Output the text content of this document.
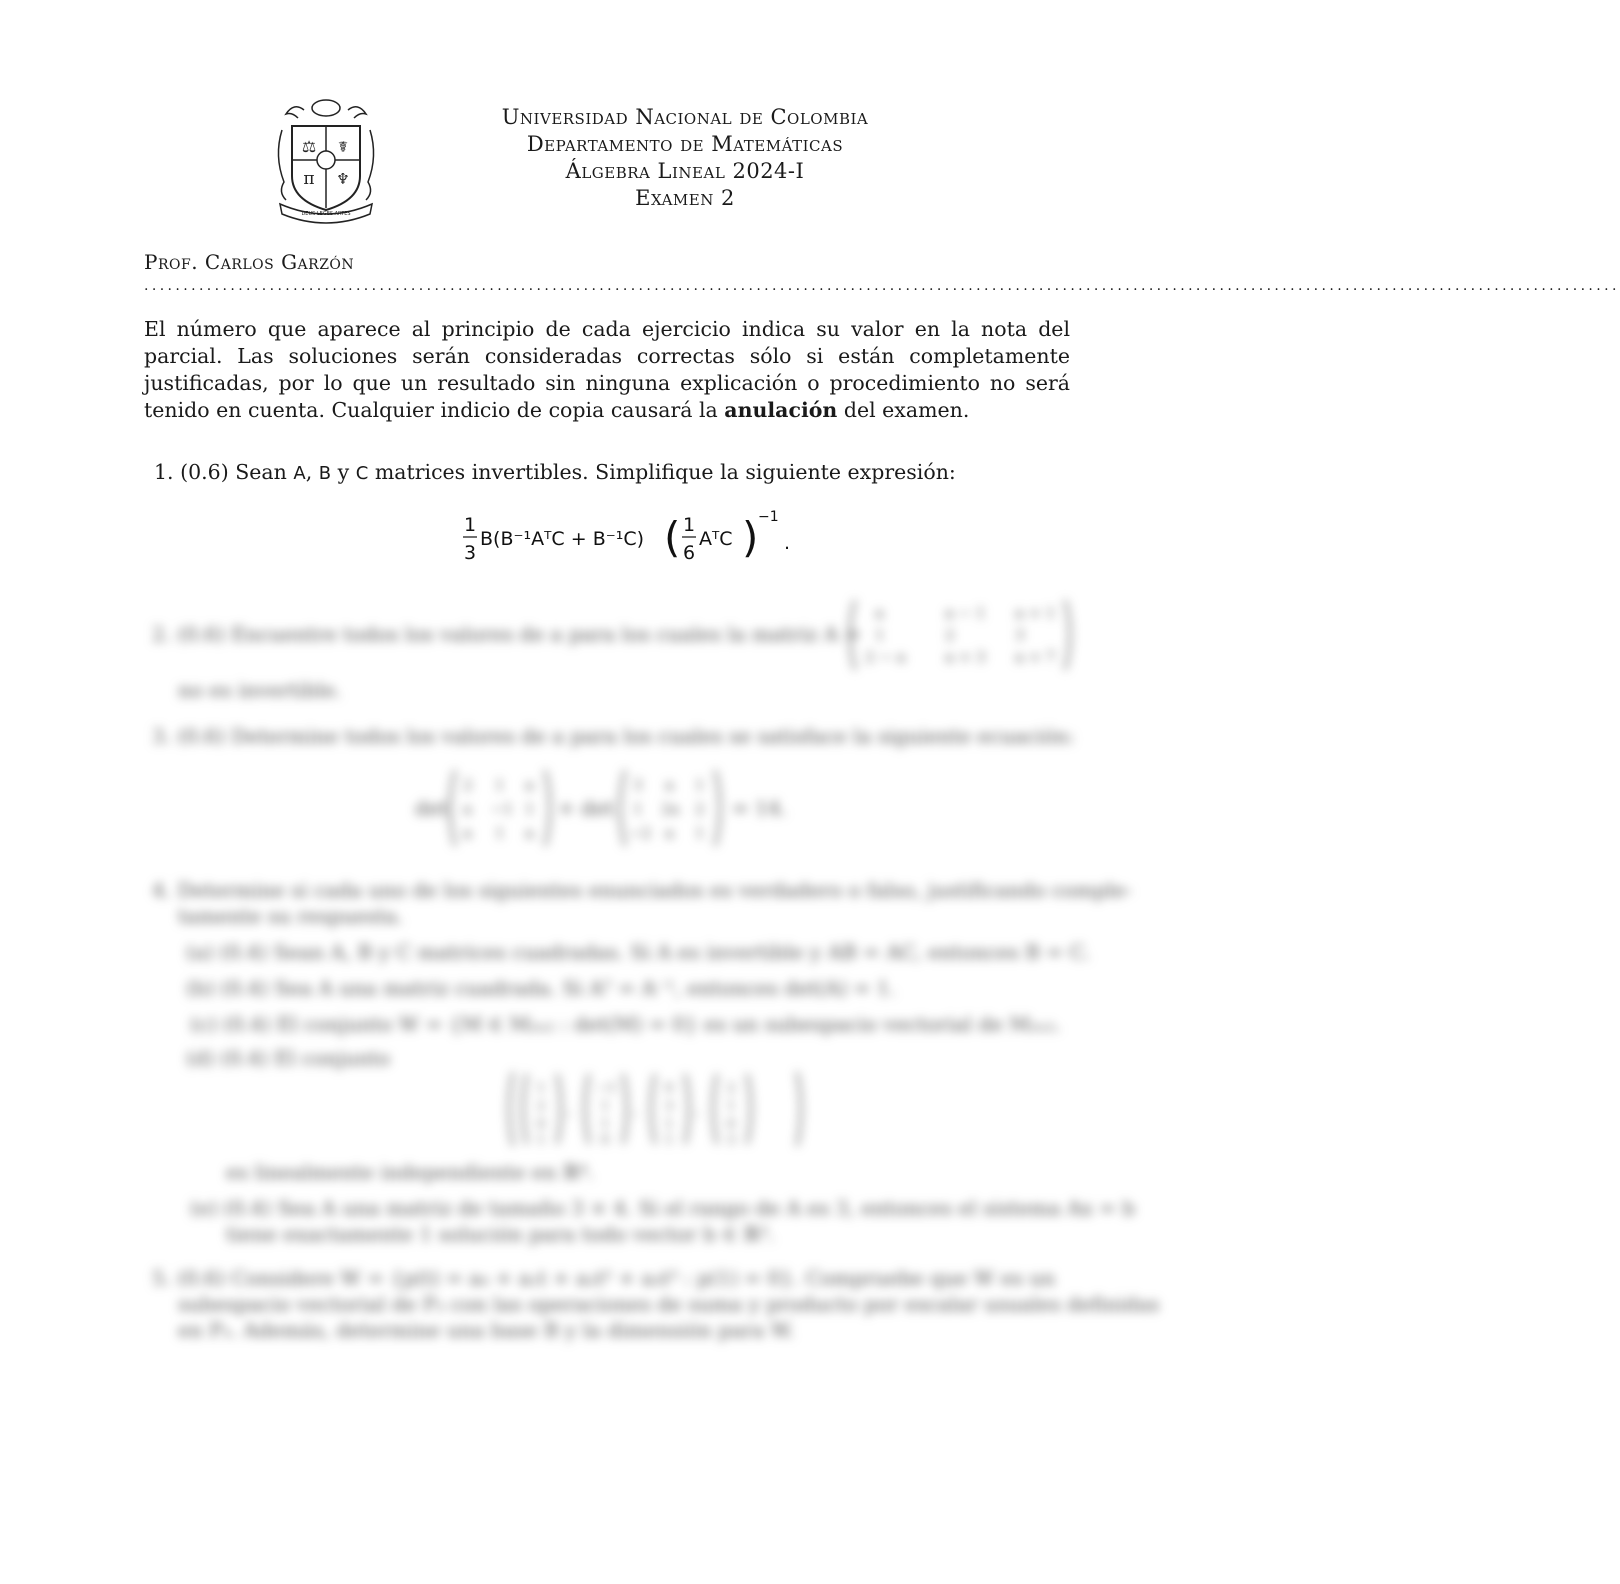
⚖ ☤
π ♆
DEUS LEGES ARTES
Universidad Nacional de Colombia
Departamento de Matemáticas
Álgebra Lineal 2024-I
Examen 2
Prof. Carlos Garzón
............................................................................................................................................................................................
El número que aparece al principio de cada ejercicio indica su valor en la nota del parcial. Las soluciones serán consideradas correctas sólo si están completamente justificadas, por lo que un resultado sin ninguna explicación o procedimiento no será tenido en cuenta. Cualquier indicio de copia causará la anulación del examen.
1. (0.6) Sean A, B y C matrices invertibles. Simplifique la siguiente expresión:
1
3
B(B⁻¹AᵀC + B⁻¹C) ( 1
6
AᵀC ) −1
.
2. (0.6) Encuentre todos los valores de a para los cuales la matriz A =
a	a − 1 a + 1
1	2	3
2 − a	a + 3 a + 7
no es invertible.
3. (0.6) Determine todos los valores de a para los cuales se satisface la siguiente ecuación:
det
2 1 a
a −1 1
a 1 a
+ det
3 a 1
1 2a 2
−2 a 1
= 14.
4. Determine si cada uno de los siguientes enunciados es verdadero o falso, justificando comple-
tamente su respuesta.
(a) (0.4) Sean A, B y C matrices cuadradas. Si A es invertible y AB = AC, entonces B = C.
(b) (0.4) Sea A una matriz cuadrada. Si Aᵀ = A⁻¹, entonces det(A) = 1.
(c) (0.4) El conjunto W = {M ∈ M₂ₓ₂ : det(M) = 0} es un subespacio vectorial de M₂ₓ₂.
(d) (0.4) El conjunto
1
2
0
1
,
−1
1
1
0
,
0
3
1
1
,
2
1
0
3
es linealmente independiente en ℝ⁴.
(e) (0.4) Sea A una matriz de tamaño 3 × 4. Si el rango de A es 3, entonces el sistema Ax = b
tiene exactamente 1 solución para todo vector b ∈ ℝ³.
5. (0.6) Considere W = {p(t) = a₀ + a₁t + a₂t² + a₃t³ : p(1) = 0}. Compruebe que W es un
subespacio vectorial de P₃ con las operaciones de suma y producto por escalar usuales definidas
en P₃. Además, determine una base B y la dimensión para W.
